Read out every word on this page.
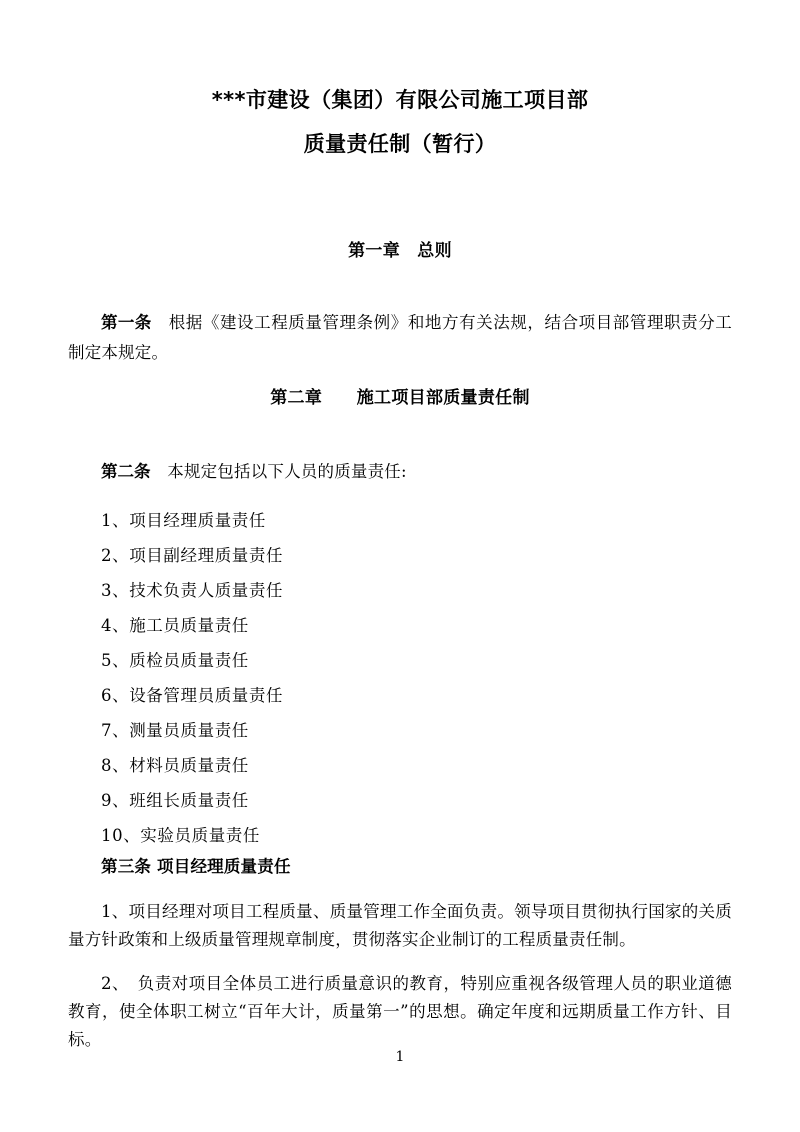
***市建设（集团）有限公司施工项目部
质量责任制（暂行）
第一章　总则

第一条　根据《建设工程质量管理条例》和地方有关法规，结合项目部管理职责分工制定本规定。

第二章　　施工项目部质量责任制

第二条　本规定包括以下人员的质量责任:

1、项目经理质量责任
2、项目副经理质量责任
3、技术负责人质量责任
4、施工员质量责任
5、质检员质量责任
6、设备管理员质量责任
7、测量员质量责任
8、材料员质量责任
9、班组长质量责任
10、实验员质量责任
第三条 项目经理质量责任

1、项目经理对项目工程质量、质量管理工作全面负责。领导项目贯彻执行国家的关质量方针政策和上级质量管理规章制度，贯彻落实企业制订的工程质量责任制。

2、　负责对项目全体员工进行质量意识的教育，特别应重视各级管理人员的职业道德教育，使全体职工树立“百年大计，质量第一”的思想。确定年度和远期质量工作方针、目标。

1
